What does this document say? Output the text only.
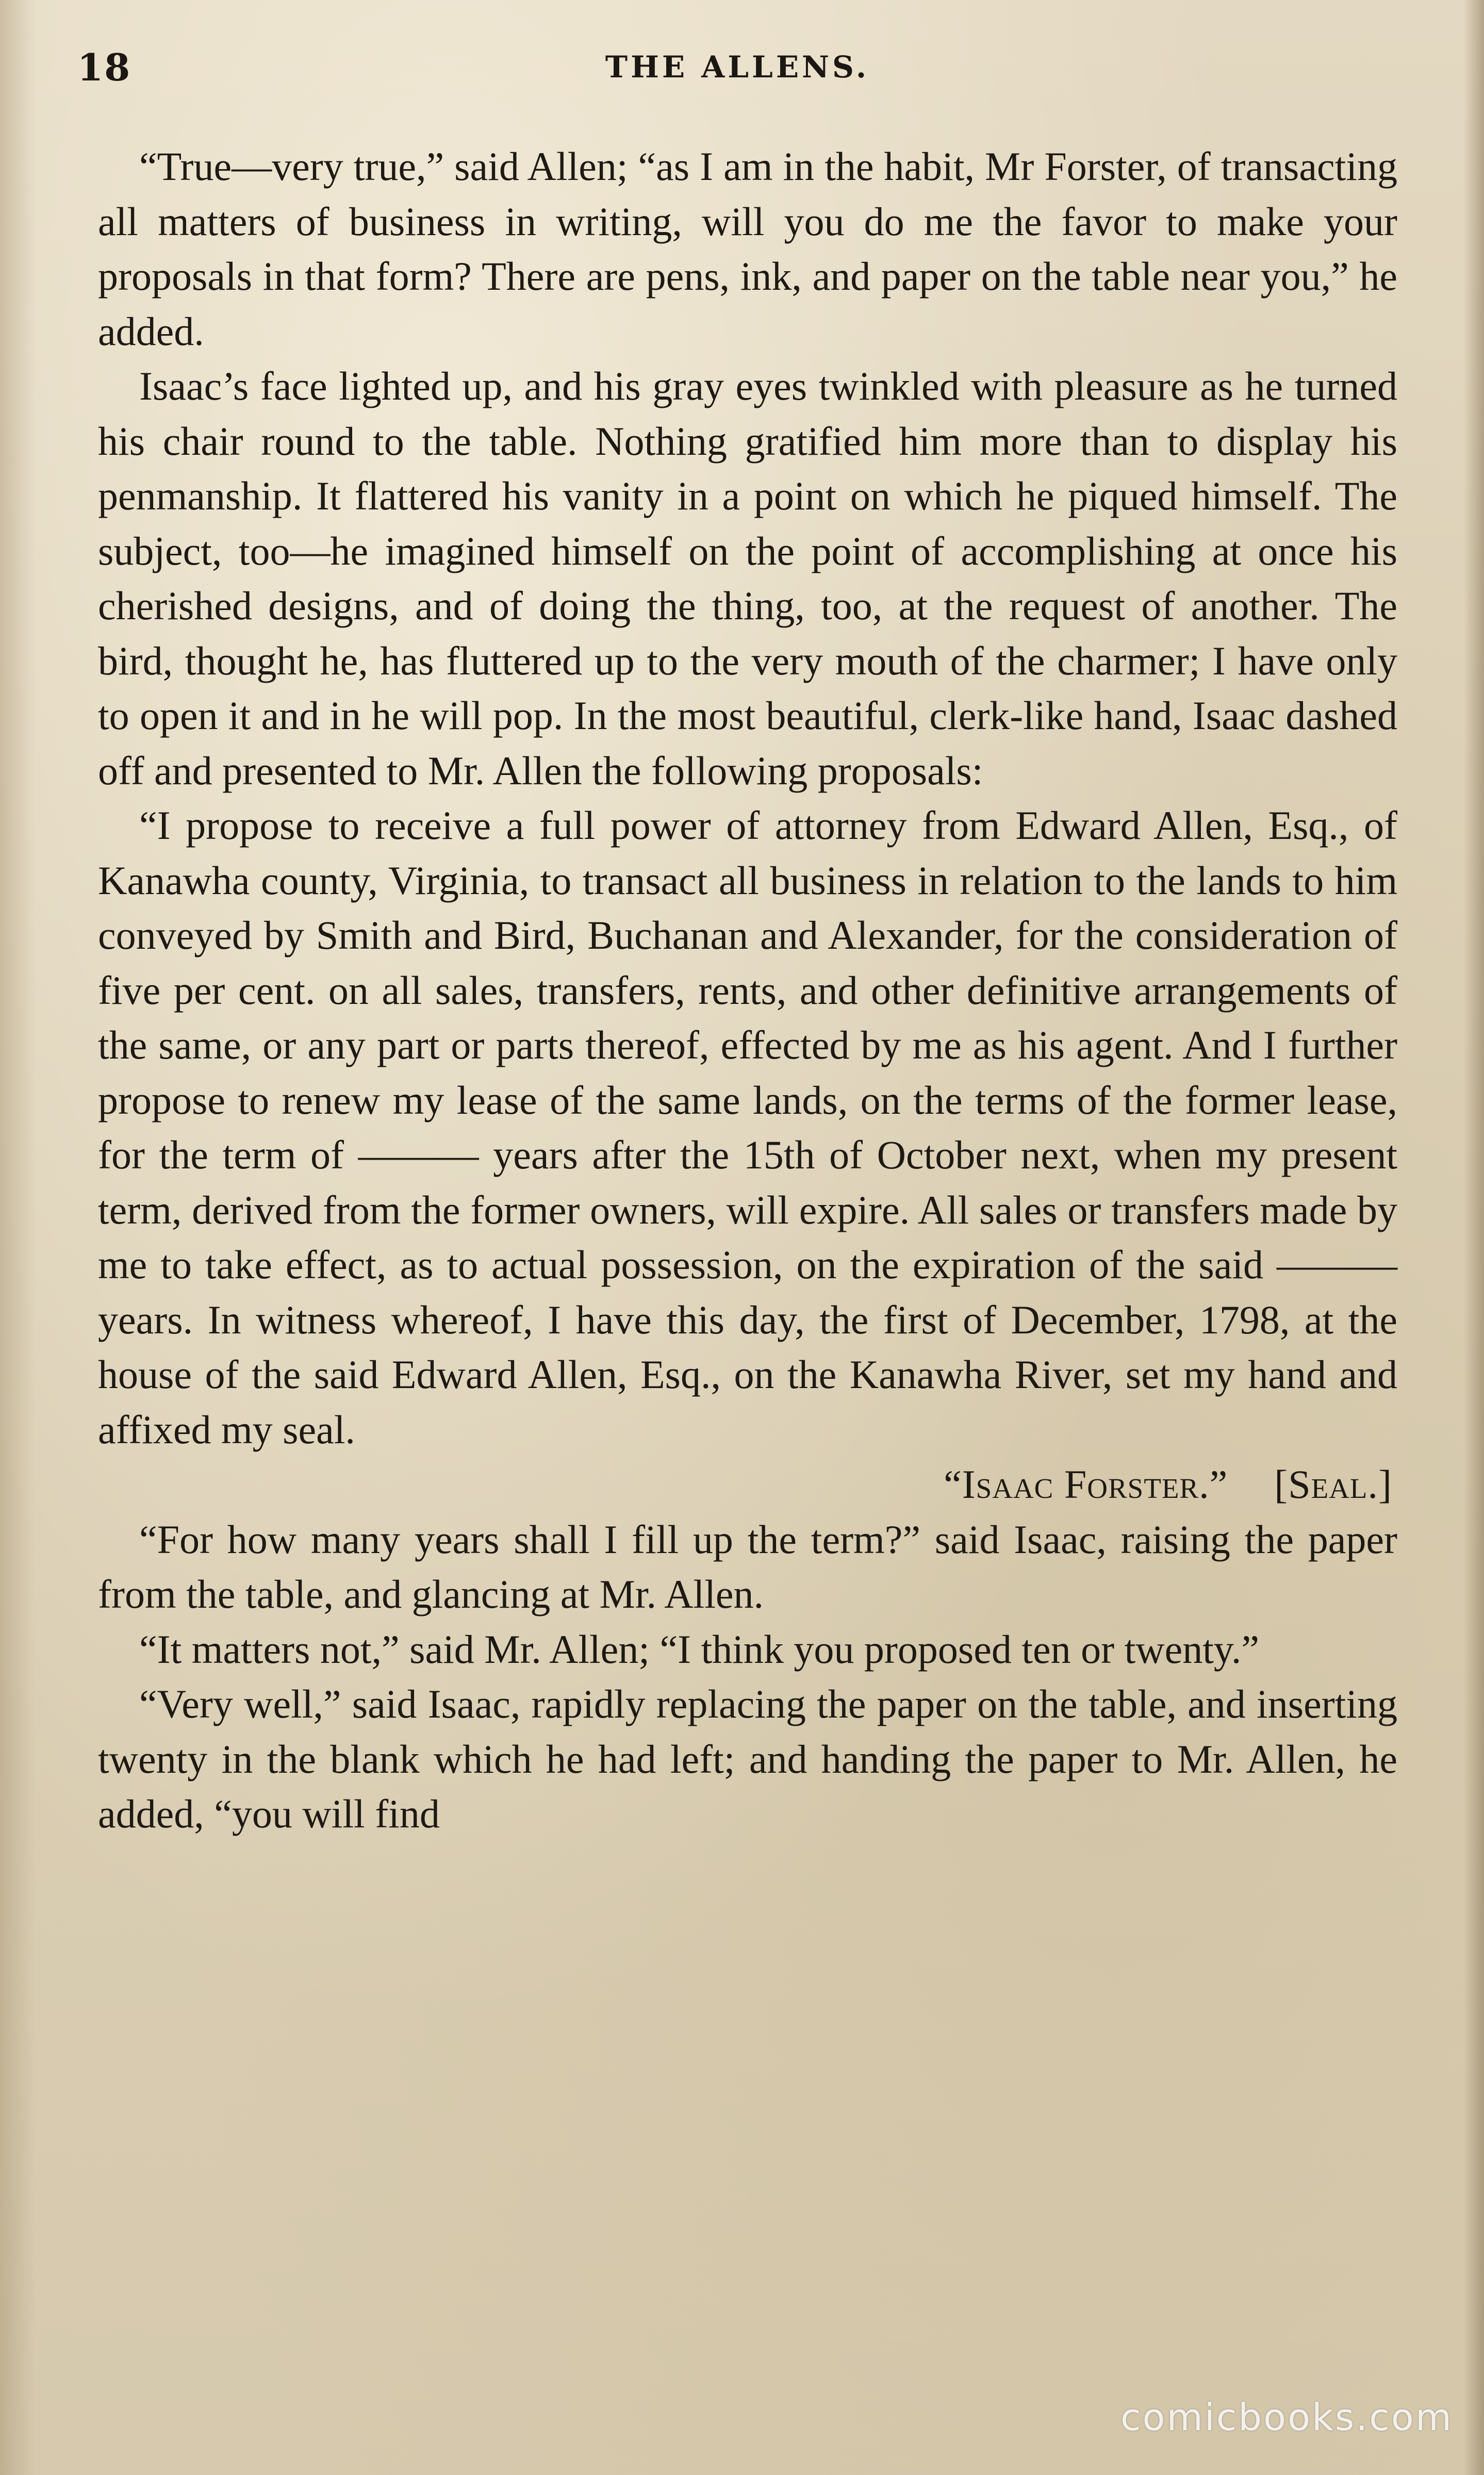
18	THE ALLENS.

“True—very true,” said Allen; “as I am in the habit, Mr Forster, of transacting all matters of business in writing, will you do me the favor to make your proposals in that form? There are pens, ink, and paper on the table near you,” he added.

Isaac’s face lighted up, and his gray eyes twinkled with pleasure as he turned his chair round to the table. Nothing gratified him more than to display his penmanship. It flattered his vanity in a point on which he piqued himself. The subject, too—he imagined himself on the point of accomplishing at once his cherished designs, and of doing the thing, too, at the request of another. The bird, thought he, has fluttered up to the very mouth of the charmer; I have only to open it and in he will pop. In the most beautiful, clerk-like hand, Isaac dashed off and presented to Mr. Allen the following proposals:

“I propose to receive a full power of attorney from Edward Allen, Esq., of Kanawha county, Virginia, to transact all business in relation to the lands to him conveyed by Smith and Bird, Buchanan and Alexander, for the consideration of five per cent. on all sales, transfers, rents, and other definitive arrangements of the same, or any part or parts thereof, effected by me as his agent. And I further propose to renew my lease of the same lands, on the terms of the former lease, for the term of ——— years after the 15th of October next, when my present term, derived from the former owners, will expire. All sales or transfers made by me to take effect, as to actual possession, on the expiration of the said ——— years. In witness whereof, I have this day, the first of December, 1798, at the house of the said Edward Allen, Esq., on the Kanawha River, set my hand and affixed my seal.

“Isaac Forster.” [Seal.]

“For how many years shall I fill up the term?” said Isaac, raising the paper from the table, and glancing at Mr. Allen.

“It matters not,” said Mr. Allen; “I think you proposed ten or twenty.”

“Very well,” said Isaac, rapidly replacing the paper on the table, and inserting twenty in the blank which he had left; and handing the paper to Mr. Allen, he added, “you will find

comicbooks.com
